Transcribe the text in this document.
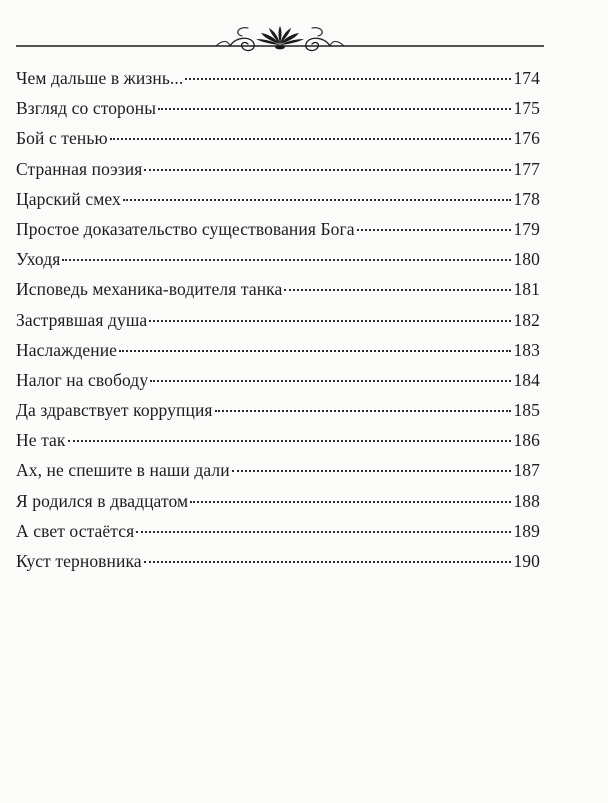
Чем дальше в жизнь...	174
Взгляд со стороны	175
Бой с тенью	176
Странная поэзия	177
Царский смех	178
Простое доказательство существования Бога	179
Уходя	180
Исповедь механика-водителя танка	181
Застрявшая душа	182
Наслаждение	183
Налог на свободу	184
Да здравствует коррупция	185
Не так	186
Ах, не спешите в наши дали	187
Я родился в двадцатом	188
А свет остаётся	189
Куст терновника	190
